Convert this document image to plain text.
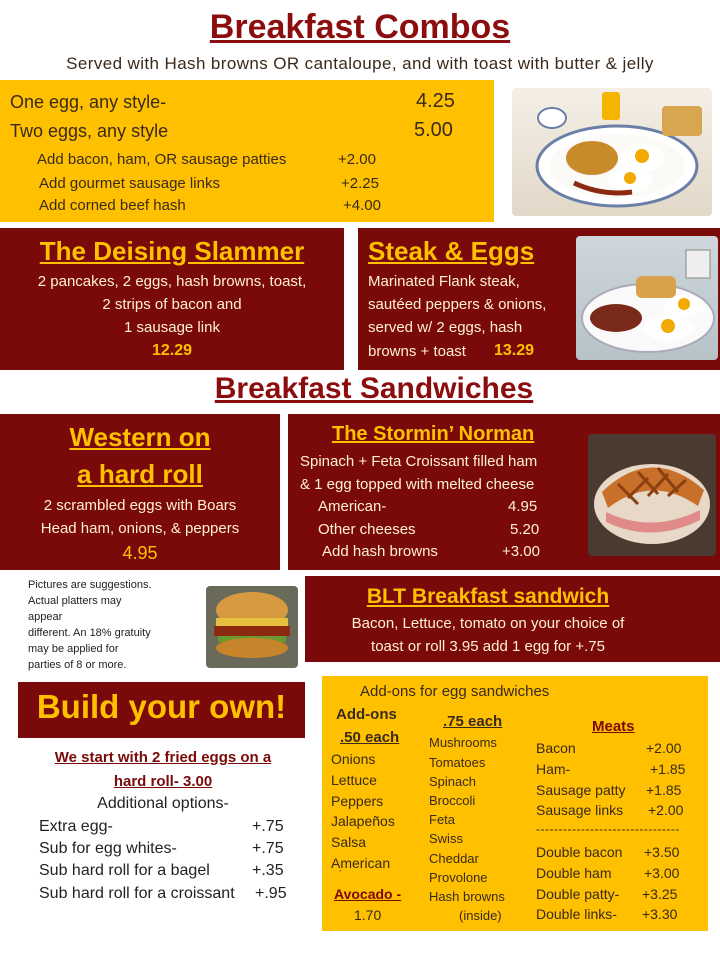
Breakfast Combos
Served with Hash browns OR cantaloupe, and with toast with butter & jelly
One egg, any style-	4.25
Two eggs, any style	5.00
Add bacon, ham, OR sausage patties	+2.00
Add gourmet sausage links	+2.25
Add corned beef hash	+4.00
The Deising Slammer
2 pancakes, 2 eggs, hash browns, toast,
2 strips of bacon and
1 sausage link
12.29
Steak & Eggs
Marinated Flank steak,
sautéed peppers & onions,
served w/ 2 eggs, hash
browns + toast 13.29
Breakfast Sandwiches
Western on
a hard roll
2 scrambled eggs with Boars
Head ham, onions, & peppers
4.95
The Stormin’ Norman
Spinach + Feta Croissant filled ham
& 1 egg topped with melted cheese
American-	4.95
Other cheeses	5.20
Add hash browns	+3.00
Pictures are suggestions.
Actual platters may
appear
different. An 18% gratuity
may be applied for
parties of 8 or more.
BLT Breakfast sandwich
Bacon, Lettuce, tomato on your choice of
toast or roll 3.95 add 1 egg for +.75
Build your own!
We start with 2 fried eggs on a
hard roll- 3.00
Additional options-
Extra egg-	+.75
Sub for egg whites-	+.75
Sub hard roll for a bagel	+.35
Sub hard roll for a croissant +.95
Add-ons for egg sandwiches
Add-ons
.50 each
Onions
Lettuce
Peppers
Jalapeños
Salsa
American
`
Avocado -
1.70
.75 each
Mushrooms
Tomatoes
Spinach
Broccoli
Feta
Swiss
Cheddar
Provolone
Hash browns
(inside)
Meats
Bacon	+2.00
Ham-	+1.85
Sausage patty +1.85
Sausage links +2.00
--------------------------------
Double bacon +3.50
Double ham +3.00
Double patty- +3.25
Double links- +3.30
